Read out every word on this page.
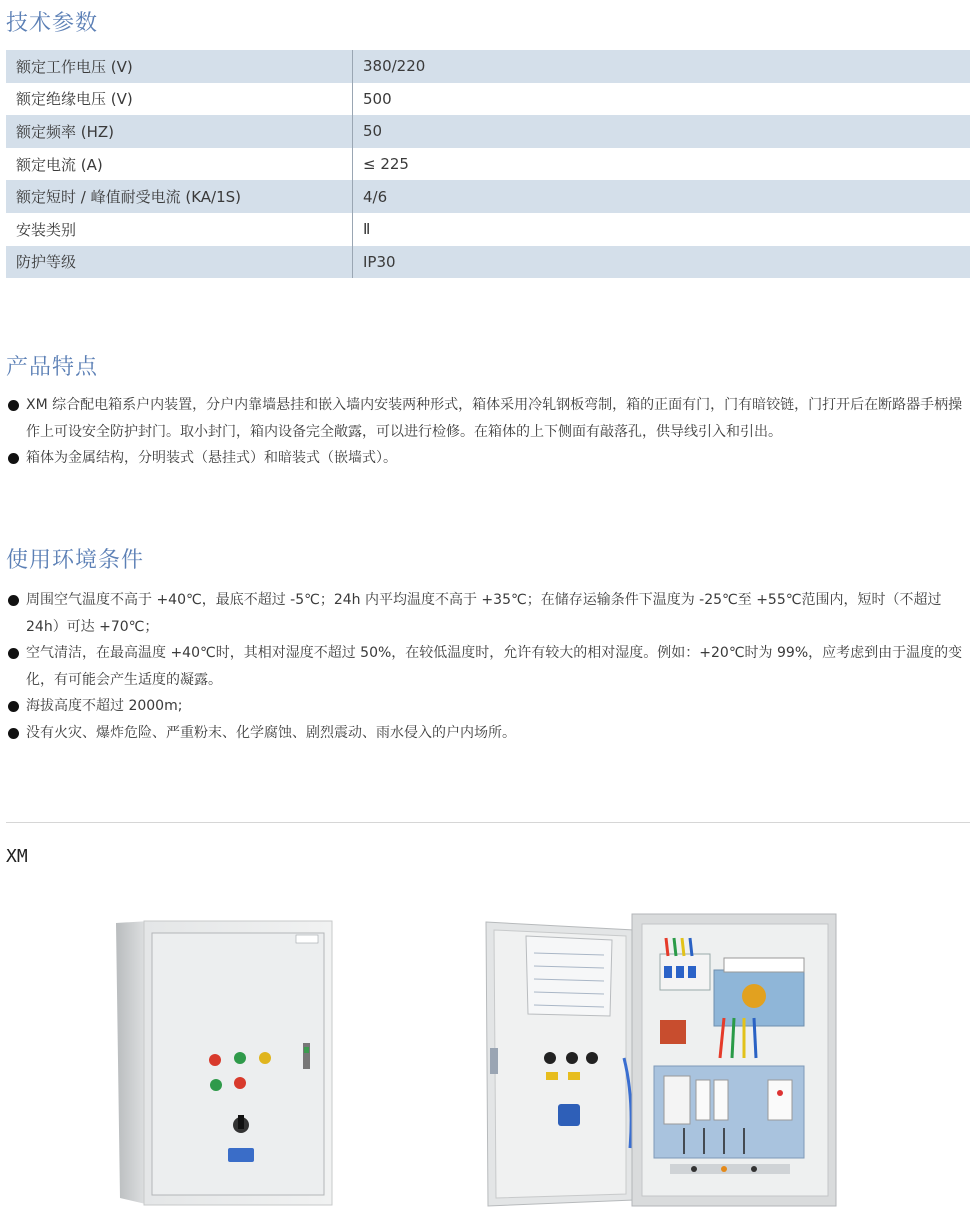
技术参数
额定工作电压 (V)	380/220
额定绝缘电压 (V)	500
额定频率 (HZ)	50
额定电流 (A)	≤ 225
额定短时 / 峰值耐受电流 (KA/1S)	4/6
安装类别	Ⅱ
防护等级	IP30
产品特点
XM 综合配电箱系户内装置，分户内靠墙悬挂和嵌入墙内安装两种形式，箱体采用冷轧钢板弯制，箱的正面有门，门有暗铰链，门打开后在断路器手柄操作上可设安全防护封门。取小封门，箱内设备完全敞露，可以进行检修。在箱体的上下侧面有敲落孔，供导线引入和引出。
箱体为金属结构，分明装式（悬挂式）和暗装式（嵌墙式）。
使用环境条件
周围空气温度不高于 +40℃，最底不超过 -5℃；24h 内平均温度不高于 +35℃；在储存运输条件下温度为 -25℃至 +55℃范围内，短时（不超过 24h）可达 +70℃；
空气清洁，在最高温度 +40℃时，其相对湿度不超过 50%，在较低温度时，允许有较大的相对湿度。例如：+20℃时为 99%，应考虑到由于温度的变化，有可能会产生适度的凝露。
海拔高度不超过 2000m;
没有火灾、爆炸危险、严重粉末、化学腐蚀、剧烈震动、雨水侵入的户内场所。
XM
